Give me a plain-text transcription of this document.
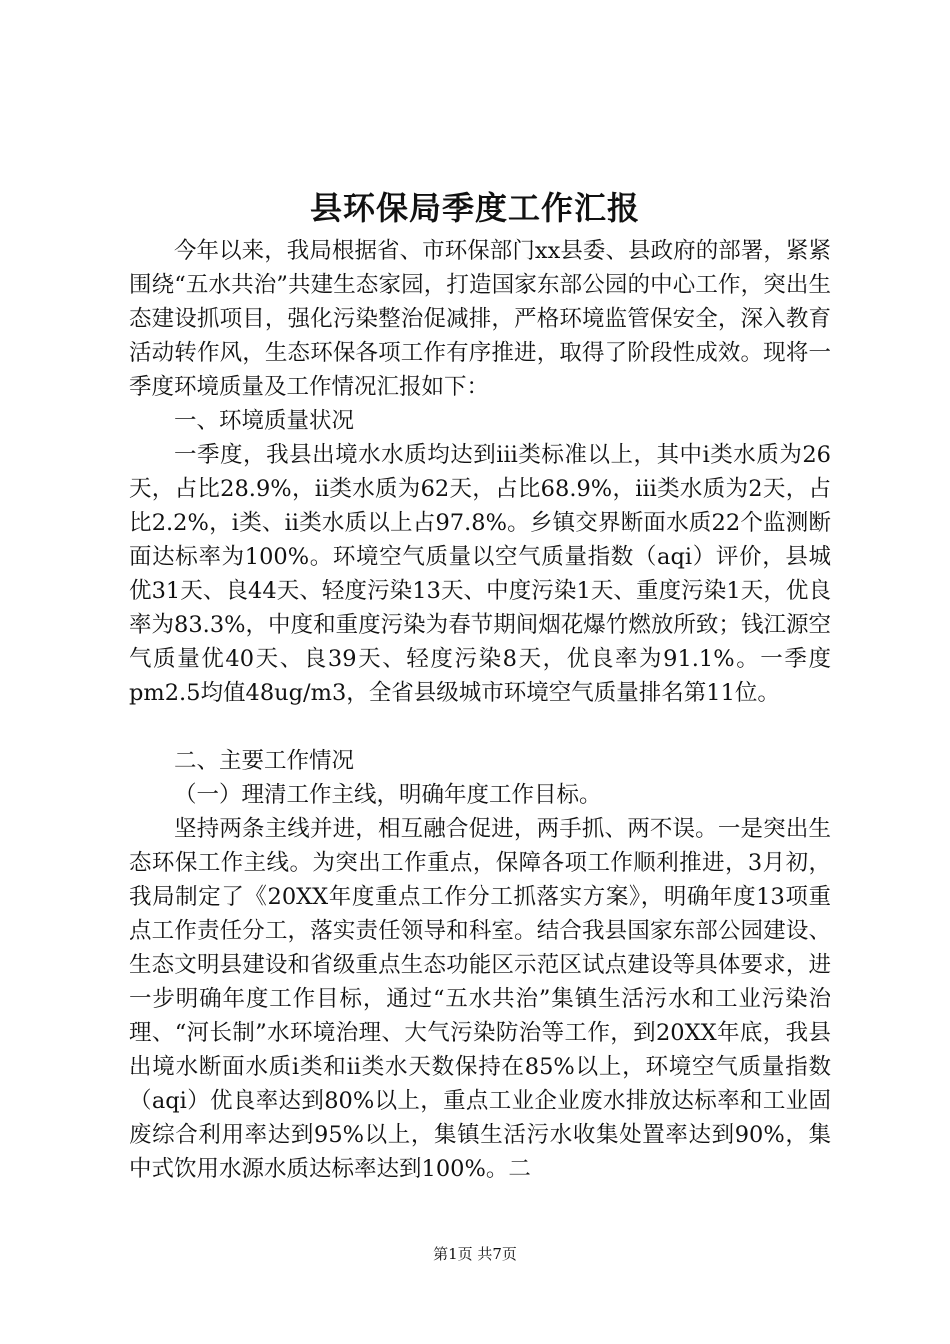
县环保局季度工作汇报

今年以来，我局根据省、市环保部门xx县委、县政府的部署，紧紧围绕“五水共治”共建生态家园，打造国家东部公园的中心工作，突出生态建设抓项目，强化污染整治促减排，严格环境监管保安全，深入教育活动转作风，生态环保各项工作有序推进，取得了阶段性成效。现将一季度环境质量及工作情况汇报如下：

一、环境质量状况

一季度，我县出境水水质均达到iii类标准以上，其中i类水质为26天，占比28.9%，ii类水质为62天，占比68.9%，iii类水质为2天，占比2.2%，i类、ii类水质以上占97.8%。乡镇交界断面水质22个监测断面达标率为100%。环境空气质量以空气质量指数（aqi）评价，县城优31天、良44天、轻度污染13天、中度污染1天、重度污染1天，优良率为83.3%，中度和重度污染为春节期间烟花爆竹燃放所致；钱江源空气质量优40天、良39天、轻度污染8天，优良率为91.1%。一季度pm2.5均值48ug/m3，全省县级城市环境空气质量排名第11位。

二、主要工作情况

（一）理清工作主线，明确年度工作目标。

坚持两条主线并进，相互融合促进，两手抓、两不误。一是突出生态环保工作主线。为突出工作重点，保障各项工作顺利推进，3月初，我局制定了《20XX年度重点工作分工抓落实方案》，明确年度13项重点工作责任分工，落实责任领导和科室。结合我县国家东部公园建设、生态文明县建设和省级重点生态功能区示范区试点建设等具体要求，进一步明确年度工作目标，通过“五水共治”集镇生活污水和工业污染治理、“河长制”水环境治理、大气污染防治等工作，到20XX年底，我县出境水断面水质i类和ii类水天数保持在85%以上，环境空气质量指数（aqi）优良率达到80%以上，重点工业企业废水排放达标率和工业固废综合利用率达到95%以上，集镇生活污水收集处置率达到90%，集中式饮用水源水质达标率达到100%。二

第1页 共7页
